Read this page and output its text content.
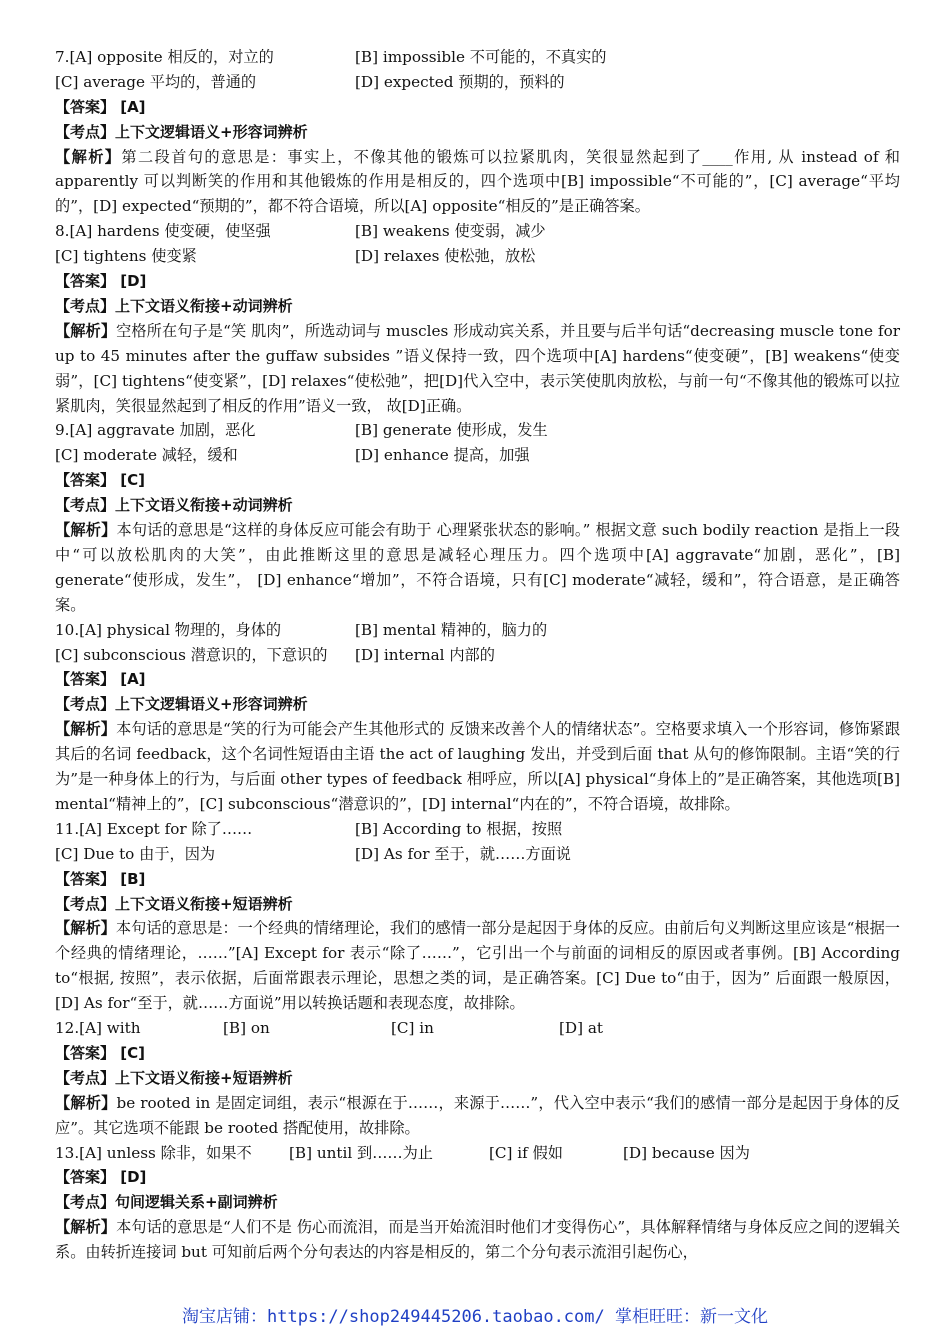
7.[A] opposite 相反的，对立的	[B] impossible 不可能的，不真实的
[C] average 平均的，普通的	[D] expected 预期的，预料的
【答案】 [A]
【考点】上下文逻辑语义+形容词辨析
【解析】第二段首句的意思是：事实上，不像其他的锻炼可以拉紧肌肉，笑很显然起到了____作用, 从 instead of 和 apparently 可以判断笑的作用和其他锻炼的作用是相反的，四个选项中[B] impossible“不可能的”，[C] average“平均的”，[D] expected“预期的”，都不符合语境，所以[A] opposite“相反的”是正确答案。
8.[A] hardens 使变硬，使坚强	[B] weakens 使变弱，减少
[C] tightens 使变紧	[D] relaxes 使松弛，放松
【答案】 [D]
【考点】上下文语义衔接+动词辨析
【解析】空格所在句子是“笑 肌肉”，所选动词与 muscles 形成动宾关系，并且要与后半句话“decreasing muscle tone for up to 45 minutes after the guffaw subsides ”语义保持一致，四个选项中[A] hardens“使变硬”，[B] weakens“使变弱”，[C] tightens“使变紧”，[D] relaxes“使松弛”，把[D]代入空中，表示笑使肌肉放松，与前一句“不像其他的锻炼可以拉紧肌肉，笑很显然起到了相反的作用”语义一致， 故[D]正确。
9.[A] aggravate 加剧，恶化	[B] generate 使形成，发生
[C] moderate 减轻，缓和	[D] enhance 提高，加强
【答案】 [C]
【考点】上下文语义衔接+动词辨析
【解析】本句话的意思是“这样的身体反应可能会有助于 心理紧张状态的影响。” 根据文意 such bodily reaction 是指上一段中“可以放松肌肉的大笑”，由此推断这里的意思是减轻心理压力。四个选项中[A] aggravate“加剧，恶化”，[B] generate“使形成，发生”， [D] enhance“增加”，不符合语境，只有[C] moderate“减轻，缓和”，符合语意，是正确答案。
10.[A] physical 物理的，身体的	[B] mental 精神的，脑力的
[C] subconscious 潜意识的，下意识的	[D] internal 内部的
【答案】 [A]
【考点】上下文逻辑语义+形容词辨析
【解析】本句话的意思是“笑的行为可能会产生其他形式的 反馈来改善个人的情绪状态”。空格要求填入一个形容词，修饰紧跟其后的名词 feedback，这个名词性短语由主语 the act of laughing 发出，并受到后面 that 从句的修饰限制。主语“笑的行为”是一种身体上的行为，与后面 other types of feedback 相呼应，所以[A] physical“身体上的”是正确答案，其他选项[B] mental“精神上的”，[C] subconscious“潜意识的”，[D] internal“内在的”，不符合语境，故排除。
11.[A] Except for 除了……	[B] According to 根据，按照
[C] Due to 由于，因为	[D] As for 至于，就……方面说
【答案】 [B]
【考点】上下文语义衔接+短语辨析
【解析】本句话的意思是：一个经典的情绪理论，我们的感情一部分是起因于身体的反应。由前后句义判断这里应该是“根据一个经典的情绪理论，……”[A] Except for 表示“除了……”，它引出一个与前面的词相反的原因或者事例。[B] According to“根据, 按照”，表示依据，后面常跟表示理论，思想之类的词，是正确答案。[C] Due to“由于，因为” 后面跟一般原因，[D] As for“至于，就……方面说”用以转换话题和表现态度，故排除。
12.[A] with	[B] on	[C] in	[D] at
【答案】 [C]
【考点】上下文语义衔接+短语辨析
【解析】be rooted in 是固定词组，表示“根源在于……，来源于……”，代入空中表示“我们的感情一部分是起因于身体的反应”。其它选项不能跟 be rooted 搭配使用，故排除。
13.[A] unless 除非，如果不	[B] until 到……为止	[C] if 假如	[D] because 因为
【答案】 [D]
【考点】句间逻辑关系+副词辨析
【解析】本句话的意思是“人们不是 伤心而流泪，而是当开始流泪时他们才变得伤心”，具体解释情绪与身体反应之间的逻辑关系。由转折连接词 but 可知前后两个分句表达的内容是相反的，第二个分句表示流泪引起伤心，
淘宝店铺：https://shop249445206.taobao.com/ 掌柜旺旺：新一文化
